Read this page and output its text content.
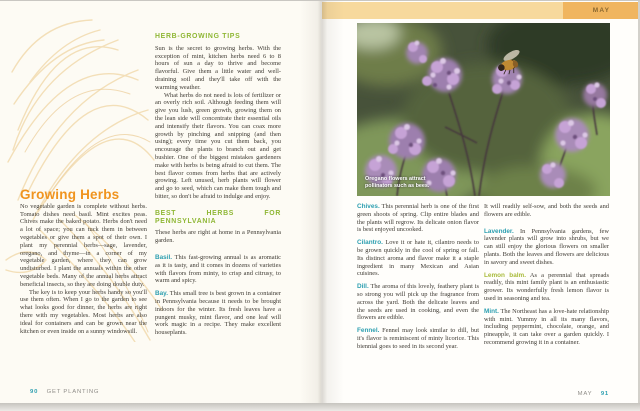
MAY
Oregano flowers attract pollinators such as bees.
Growing Herbs

No vegetable garden is complete without herbs. Tomato dishes need basil. Mint excites peas. Chives make the baked potato. Herbs don't need a lot of space; you can tuck them in between vegetables or give them a spot of their own. I plant my perennial herbs—sage, lavender, oregano, and thyme—in a corner of my vegetable garden, where they can grow undisturbed. I plant the annuals within the other vegetable beds. Many of the annual herbs attract beneficial insects, so they are doing double duty.

The key is to keep your herbs handy so you'll use them often. When I go to the garden to see what looks good for dinner, the herbs are right there with my vegetables. Most herbs are also ideal for containers and can be grown near the kitchen or even inside on a sunny windowsill.

HERB-GROWING TIPS

Sun is the secret to growing herbs. With the exception of mint, kitchen herbs need 6 to 8 hours of sun a day to thrive and become flavorful. Give them a little water and well-draining soil and they'll take off with the warming weather.

What herbs do not need is lots of fertilizer or an overly rich soil. Although feeding them will give you lush, green growth, growing them on the lean side will concentrate their essential oils and intensify their flavors. You can coax more growth by pinching and snipping (and then using); every time you cut them back, you encourage the plants to branch out and get bushier. One of the biggest mistakes gardeners make with herbs is being afraid to cut them. The best flavor comes from herbs that are actively growing. Left unused, herb plants will flower and go to seed, which can make them tough and bitter, so don't be afraid to indulge and enjoy.

BEST HERBS FOR PENNSYLVANIA

These herbs are right at home in a Pennsylvania garden.

Basil. This fast-growing annual is as aromatic as it is tasty, and it comes in dozens of varieties with flavors from minty, to crisp and citrusy, to warm and spicy.
Bay. This small tree is best grown in a container in Pennsylvania because it needs to be brought indoors for the winter. Its fresh leaves have a pungent musky, mint flavor, and one leaf will work magic in a recipe. They make excellent houseplants.
Chives. This perennial herb is one of the first green shoots of spring. Clip entire blades and the plants will regrow. Its delicate onion flavor is best enjoyed uncooked.
Cilantro. Love it or hate it, cilantro needs to be grown quickly in the cool of spring or fall. Its distinct aroma and flavor make it a staple ingredient in many Mexican and Asian cuisines.
Dill. The aroma of this lovely, feathery plant is so strong you will pick up the fragrance from across the yard. Both the delicate leaves and the seeds are used in cooking, and even the flowers are edible.
Fennel. Fennel may look similar to dill, but it's flavor is reminiscent of minty licorice. This biennial goes to seed in its second year.

It will readily self-sow, and both the seeds and flowers are edible.

Lavender. In Pennsylvania gardens, few lavender plants will grow into shrubs, but we can still enjoy the glorious flowers on smaller plants. Both the leaves and flowers are delicious in savory and sweet dishes.
Lemon balm. As a perennial that spreads readily, this mint family plant is an enthusiastic grower. Its wonderfully fresh lemon flavor is used in seasoning and tea.
Mint. The Northeast has a love-hate relationship with mint. Yummy in all its many flavors, including peppermint, chocolate, orange, and pineapple, it can take over a garden quickly. I recommend growing it in a container.
90 GET PLANTING	MAY 91
